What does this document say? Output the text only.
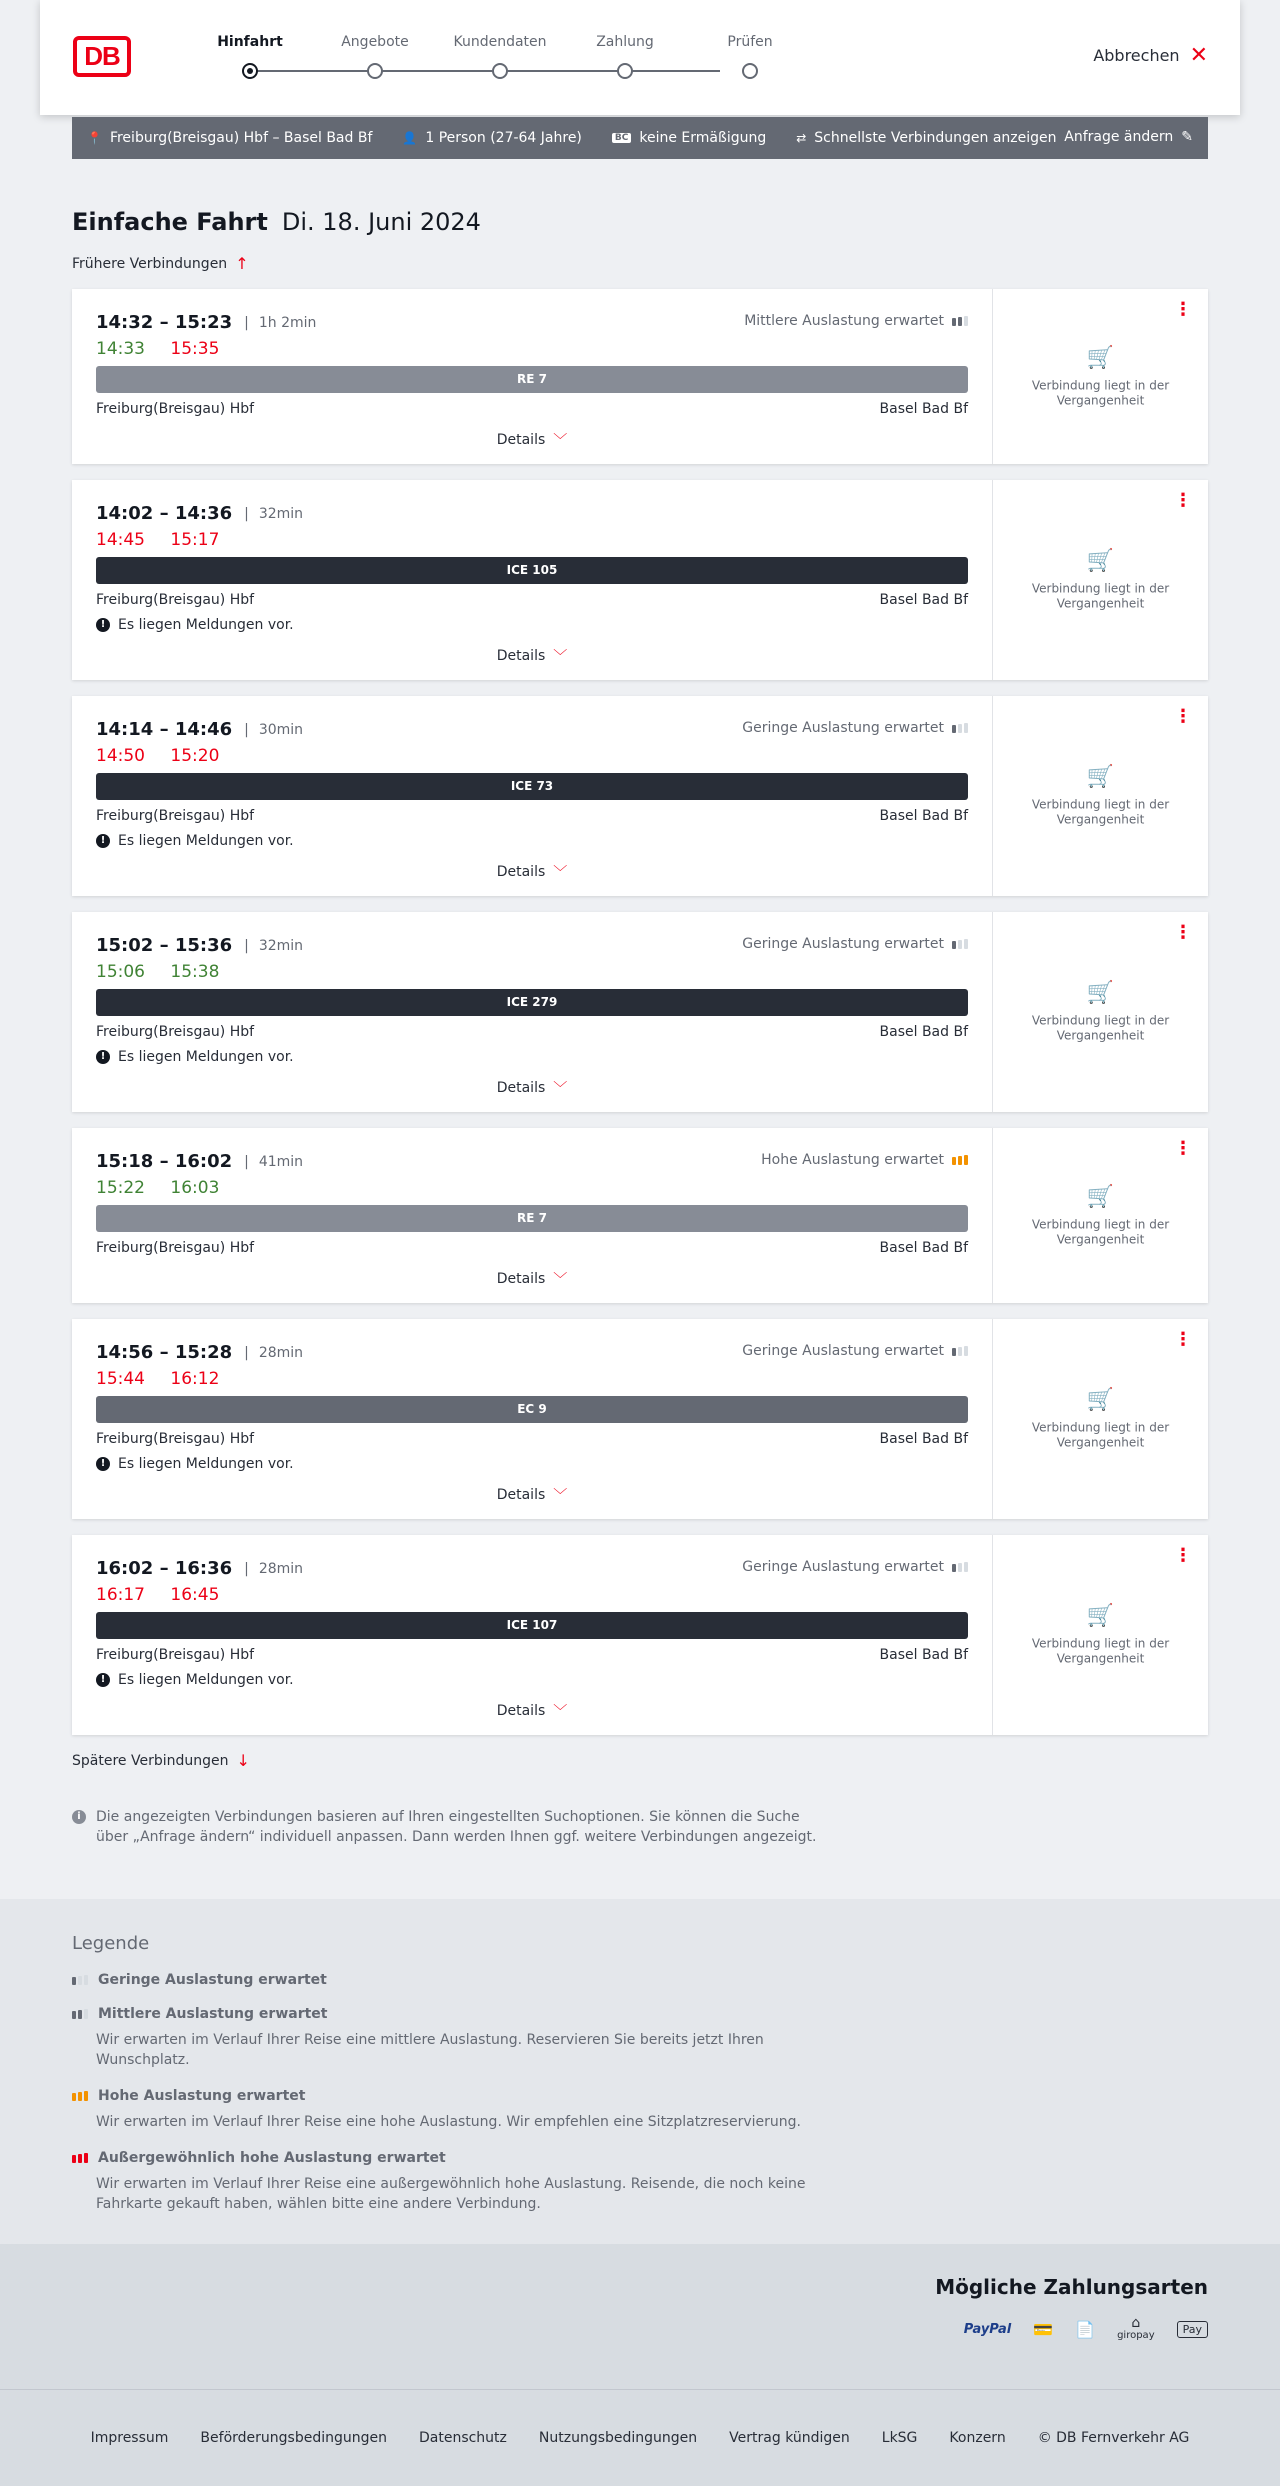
DB	Hinfahrt	Angebote	Kundendaten	Zahlung	Prüfen
Abbrechen ✕
📍 Freiburg(Breisgau) Hbf – Basel Bad Bf	👤 1 Person (27-64 Jahre)	BC keine Ermäßigung	⇄ Schnellste Verbindungen anzeigen Anfrage ändern ✎
Einfache Fahrt Di. 18. Juni 2024
Frühere Verbindungen ↑
14:32 – 15:23 | 1h 2min	Mittlere Auslastung erwartet
14:33 15:35
RE 7
Freiburg(Breisgau) Hbf	Basel Bad Bf
Details ﹀
⋮
🛒
Verbindung liegt in der Vergangenheit
14:02 – 14:36 | 32min
14:45 15:17
ICE 105
Freiburg(Breisgau) Hbf	Basel Bad Bf
! Es liegen Meldungen vor.
Details ﹀
⋮
🛒
Verbindung liegt in der Vergangenheit
14:14 – 14:46 | 30min	Geringe Auslastung erwartet
14:50 15:20
ICE 73
Freiburg(Breisgau) Hbf	Basel Bad Bf
! Es liegen Meldungen vor.
Details ﹀
⋮
🛒
Verbindung liegt in der Vergangenheit
15:02 – 15:36 | 32min	Geringe Auslastung erwartet
15:06 15:38
ICE 279
Freiburg(Breisgau) Hbf	Basel Bad Bf
! Es liegen Meldungen vor.
Details ﹀
⋮
🛒
Verbindung liegt in der Vergangenheit
15:18 – 16:02 | 41min	Hohe Auslastung erwartet
15:22 16:03
RE 7
Freiburg(Breisgau) Hbf	Basel Bad Bf
Details ﹀
⋮
🛒
Verbindung liegt in der Vergangenheit
14:56 – 15:28 | 28min	Geringe Auslastung erwartet
15:44 16:12
EC 9
Freiburg(Breisgau) Hbf	Basel Bad Bf
! Es liegen Meldungen vor.
Details ﹀
⋮
🛒
Verbindung liegt in der Vergangenheit
16:02 – 16:36 | 28min	Geringe Auslastung erwartet
16:17 16:45
ICE 107
Freiburg(Breisgau) Hbf	Basel Bad Bf
! Es liegen Meldungen vor.
Details ﹀
⋮
🛒
Verbindung liegt in der Vergangenheit
Spätere Verbindungen ↓
i	Die angezeigten Verbindungen basieren auf Ihren eingestellten Suchoptionen. Sie können die Suche über „Anfrage ändern“ individuell anpassen. Dann werden Ihnen ggf. weitere Verbindungen angezeigt.
Legende
Geringe Auslastung erwartet
Mittlere Auslastung erwartet
Wir erwarten im Verlauf Ihrer Reise eine mittlere Auslastung. Reservieren Sie bereits jetzt Ihren Wunschplatz.
Hohe Auslastung erwartet
Wir erwarten im Verlauf Ihrer Reise eine hohe Auslastung. Wir empfehlen eine Sitzplatzreservierung.
Außergewöhnlich hohe Auslastung erwartet
Wir erwarten im Verlauf Ihrer Reise eine außergewöhnlich hohe Auslastung. Reisende, die noch keine Fahrkarte gekauft haben, wählen bitte eine andere Verbindung.
Mögliche Zahlungsarten
PayPal 💳 📄	⌂
giropay	Pay
Impressum Beförderungsbedingungen Datenschutz Nutzungsbedingungen Vertrag kündigen LkSG Konzern © DB Fernverkehr AG
